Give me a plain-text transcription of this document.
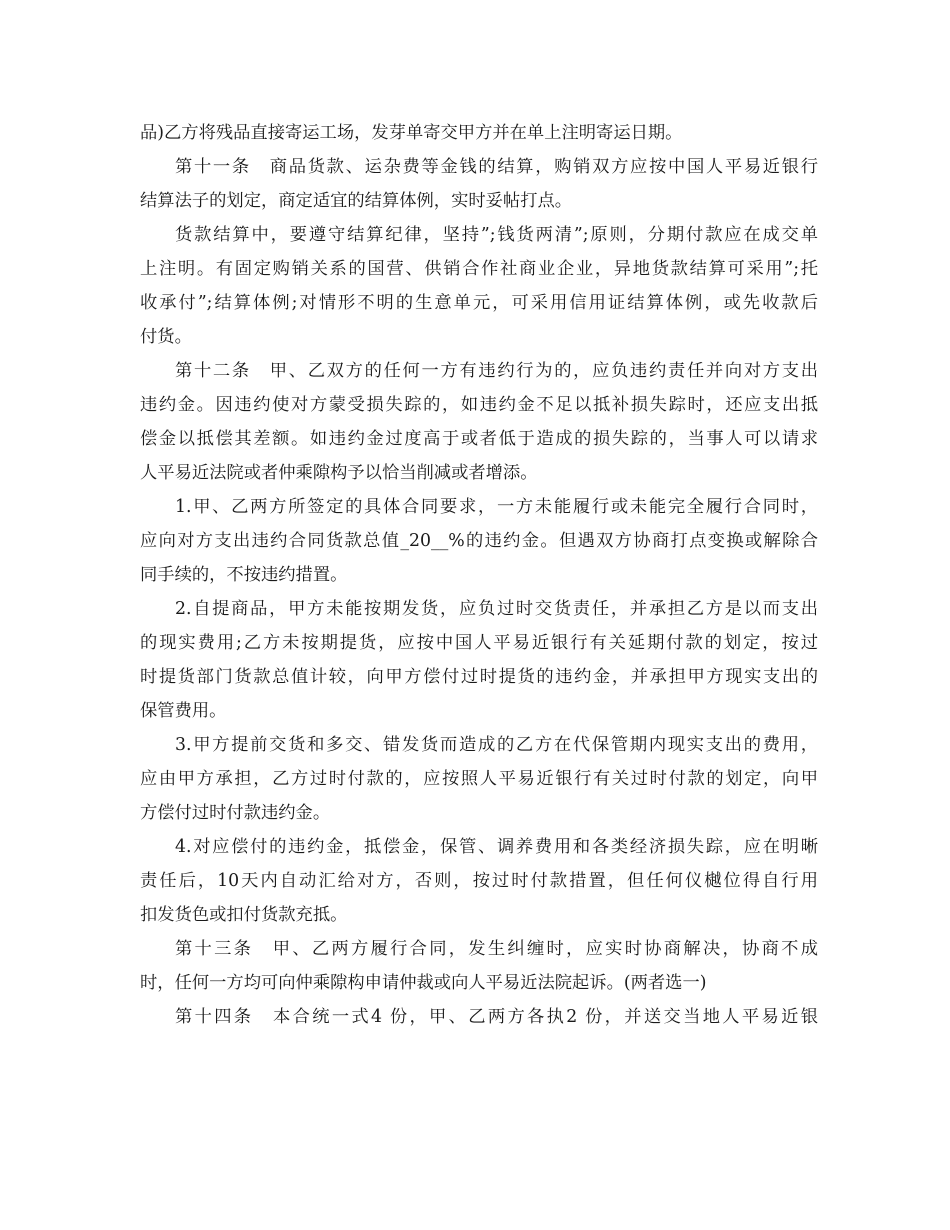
品)乙方将残品直接寄运工场，发芽单寄交甲方并在单上注明寄运日期。
第十一条　商品货款、运杂费等金钱的结算，购销双方应按中国人平易近银行
结算法子的划定，商定适宜的结算体例，实时妥帖打点。
货款结算中，要遵守结算纪律，坚持”;钱货两清”;原则，分期付款应在成交单
上注明。有固定购销关系的国营、供销合作社商业企业，异地货款结算可采用”;托
收承付”;结算体例;对情形不明的生意单元，可采用信用证结算体例，或先收款后
付货。
第十二条　甲、乙双方的任何一方有违约行为的，应负违约责任并向对方支出
违约金。因违约使对方蒙受损失踪的，如违约金不足以抵补损失踪时，还应支出抵
偿金以抵偿其差额。如违约金过度高于或者低于造成的损失踪的，当事人可以请求
人平易近法院或者仲乘隙构予以恰当削减或者增添。
1.甲、乙两方所签定的具体合同要求，一方未能履行或未能完全履行合同时，
应向对方支出违约合同货款总值_20__%的违约金。但遇双方协商打点变换或解除合
同手续的，不按违约措置。
2.自提商品，甲方未能按期发货，应负过时交货责任，并承担乙方是以而支出
的现实费用;乙方未按期提货，应按中国人平易近银行有关延期付款的划定，按过
时提货部门货款总值计较，向甲方偿付过时提货的违约金，并承担甲方现实支出的
保管费用。
3.甲方提前交货和多交、错发货而造成的乙方在代保管期内现实支出的费用，
应由甲方承担，乙方过时付款的，应按照人平易近银行有关过时付款的划定，向甲
方偿付过时付款违约金。
4.对应偿付的违约金，抵偿金，保管、调养费用和各类经济损失踪，应在明晰
责任后，10天内自动汇给对方，否则，按过时付款措置，但任何仪樾位得自行用
扣发货色或扣付货款充抵。
第十三条　甲、乙两方履行合同，发生纠缠时，应实时协商解决，协商不成
时，任何一方均可向仲乘隙构申请仲裁或向人平易近法院起诉。(两者选一)
第十四条　本合统一式4 份，甲、乙两方各执2 份，并送交当地人平易近银
